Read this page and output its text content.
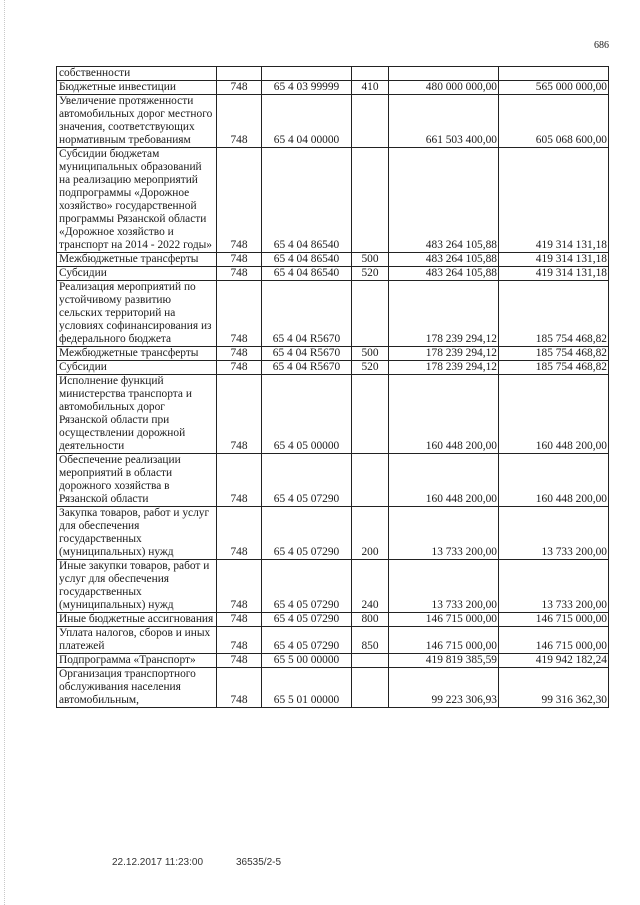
686
собственности					
Бюджетные инвестиции	748	65 4 03 99999	410	480 000 000,00	565 000 000,00
Увеличение протяженности автомобильных дорог местного значения, соответствующих нормативным требованиям	748	65 4 04 00000		661 503 400,00	605 068 600,00
Субсидии бюджетам муниципальных образований на реализацию мероприятий подпрограммы «Дорожное хозяйство» государственной программы Рязанской области «Дорожное хозяйство и транспорт на 2014 - 2022 годы»	748	65 4 04 86540		483 264 105,88	419 314 131,18
Межбюджетные трансферты	748	65 4 04 86540	500	483 264 105,88	419 314 131,18
Субсидии	748	65 4 04 86540	520	483 264 105,88	419 314 131,18
Реализация мероприятий по устойчивому развитию сельских территорий на условиях софинансирования из федерального бюджета	748	65 4 04 R5670		178 239 294,12	185 754 468,82
Межбюджетные трансферты	748	65 4 04 R5670	500	178 239 294,12	185 754 468,82
Субсидии	748	65 4 04 R5670	520	178 239 294,12	185 754 468,82
Исполнение функций министерства транспорта и автомобильных дорог Рязанской области при осуществлении дорожной деятельности	748	65 4 05 00000		160 448 200,00	160 448 200,00
Обеспечение реализации мероприятий в области дорожного хозяйства в Рязанской области	748	65 4 05 07290		160 448 200,00	160 448 200,00
Закупка товаров, работ и услуг для обеспечения государственных (муниципальных) нужд	748	65 4 05 07290	200	13 733 200,00	13 733 200,00
Иные закупки товаров, работ и услуг для обеспечения государственных (муниципальных) нужд	748	65 4 05 07290	240	13 733 200,00	13 733 200,00
Иные бюджетные ассигнования	748	65 4 05 07290	800	146 715 000,00	146 715 000,00
Уплата налогов, сборов и иных платежей	748	65 4 05 07290	850	146 715 000,00	146 715 000,00
Подпрограмма «Транспорт»	748	65 5 00 00000		419 819 385,59	419 942 182,24
Организация транспортного обслуживания населения автомобильным,	748	65 5 01 00000		99 223 306,93	99 316 362,30
22.12.2017 11:23:00	36535/2-5
